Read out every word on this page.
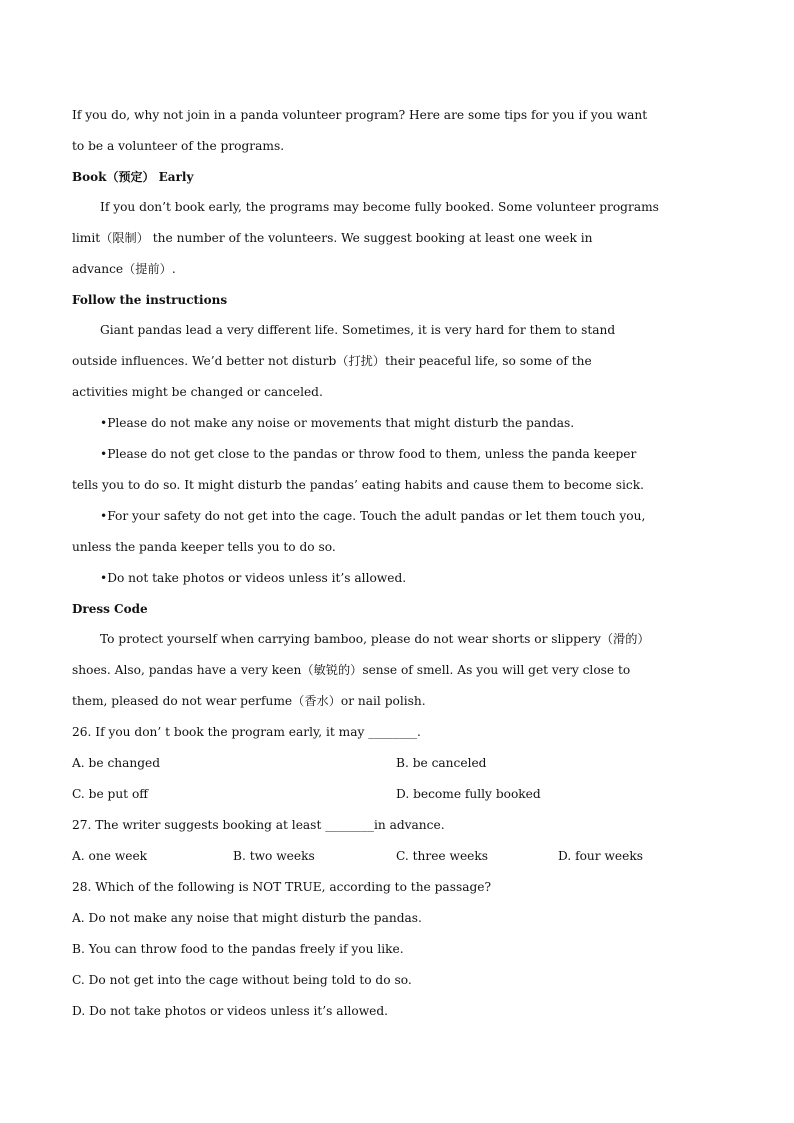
If you do, why not join in a panda volunteer program? Here are some tips for you if you want

to be a volunteer of the programs.

Book（预定） Early

If you don’t book early, the programs may become fully booked. Some volunteer programs

limit（限制） the number of the volunteers. We suggest booking at least one week in

advance（提前）.

Follow the instructions

Giant pandas lead a very different life. Sometimes, it is very hard for them to stand

outside influences. We’d better not disturb（打扰）their peaceful life, so some of the

activities might be changed or canceled.

•Please do not make any noise or movements that might disturb the pandas.

•Please do not get close to the pandas or throw food to them, unless the panda keeper

tells you to do so. It might disturb the pandas’ eating habits and cause them to become sick.

•For your safety do not get into the cage. Touch the adult pandas or let them touch you,

unless the panda keeper tells you to do so.

•Do not take photos or videos unless it’s allowed.

Dress Code

To protect yourself when carrying bamboo, please do not wear shorts or slippery（滑的）

shoes. Also, pandas have a very keen（敏锐的）sense of smell. As you will get very close to

them, pleased do not wear perfume（香水）or nail polish.

26. If you don’ t book the program early, it may ________.

A. be changed	B. be canceled

C. be put off	D. become fully booked

27. The writer suggests booking at least ________in advance.

A. one week	B. two weeks	C. three weeks	D. four weeks

28. Which of the following is NOT TRUE, according to the passage?

A. Do not make any noise that might disturb the pandas.

B. You can throw food to the pandas freely if you like.

C. Do not get into the cage without being told to do so.

D. Do not take photos or videos unless it’s allowed.
